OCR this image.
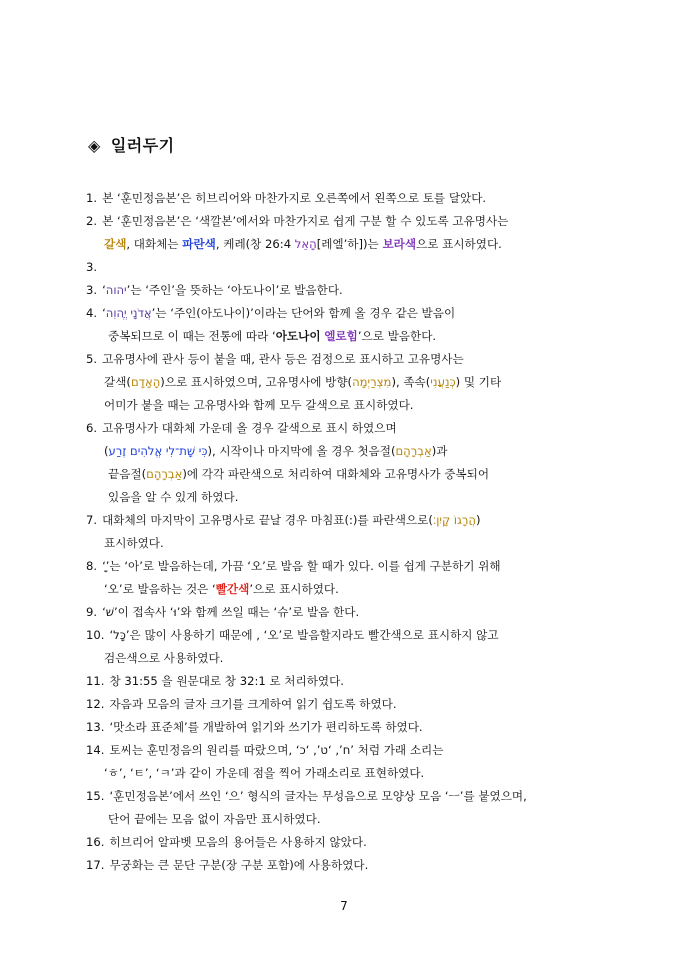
◈ 일러두기
1. 본 ‘훈민정음본’은 히브리어와 마찬가지로 오른쪽에서 왼쪽으로 토를 달았다.
2. 본 ‘훈민정음본’은 ‘색깔본’에서와 마찬가지로 쉽게 구분 할 수 있도록 고유명사는
갈색, 대화체는 파란색, 케레(창 26:4 הָאֵל[레엘’하])는 보라색으로 표시하였다.
3.
3. ‘יהוה’는 ‘주인’을 뜻하는 ‘아도나이’로 발음한다.
4. ‘אֲדֹנָי יֱהוִה’는 ‘주인(아도나이)’이라는 단어와 함께 올 경우 같은 발음이
중복되므로 이 때는 전통에 따라 ‘아도나이 엘로힘’으로 발음한다.
5. 고유명사에 관사 등이 붙을 때, 관사 등은 검정으로 표시하고 고유명사는
갈색(הָאָדָם)으로 표시하였으며, 고유명사에 방향(מִצְרַיְמָה), 족속(כְּנַעֲנִי) 및 기타
어미가 붙을 때는 고유명사와 함께 모두 갈색으로 표시하였다.
6. 고유명사가 대화체 가운데 올 경우 갈색으로 표시 하였으며
(כִּי שָׁת־לִי אֱלֹהִים זֶרַע), 시작이나 마지막에 올 경우 첫음절(אַבְרָהָם)과
끝음절(אַבְרָהָם)에 각각 파란색으로 처리하여 대화체와 고유명사가 중복되어
있음을 알 수 있게 하였다.
7. 대화체의 마지막이 고유명사로 끝날 경우 마침표(:)를 파란색으로(הֲרָגוֹ קָיִן׃)
표시하였다.
8. ‘ָ’는 ‘아’로 발음하는데, 가끔 ‘오’로 발음 할 때가 있다. 이를 쉽게 구분하기 위해
‘오’로 발음하는 것은 ‘빨간색’으로 표시하였다.
9. ‘שׁ’이 접속사 ‘וּ’와 함께 쓰일 때는 ‘슈’로 발음 한다.
10. ‘כָּל’은 많이 사용하기 때문에 , ‘오’로 발음할지라도 빨간색으로 표시하지 않고
검은색으로 사용하였다.
11. 창 31:55 을 원문대로 창 32:1 로 처리하였다.
12. 자음과 모음의 글자 크기를 크게하여 읽기 쉽도록 하였다.
13. ‘맛소라 표준체’를 개발하여 읽기와 쓰기가 편리하도록 하였다.
14. 토씨는 훈민정음의 원리를 따랐으며, ‘ח’, ‘ט’, ‘כ’ 처럼 가래 소리는
‘ㅎ’, ‘ㅌ’, ‘ㅋ’과 같이 가운데 점을 찍어 가래소리로 표현하였다.
15. ‘훈민정음본’에서 쓰인 ‘으’ 형식의 글자는 무성음으로 모양상 모음 ‘ㅡ’를 붙였으며,
단어 끝에는 모음 없이 자음만 표시하였다.
16. 히브리어 알파벳 모음의 용어들은 사용하지 않았다.
17. 무궁화는 큰 문단 구분(장 구분 포함)에 사용하였다.
7
